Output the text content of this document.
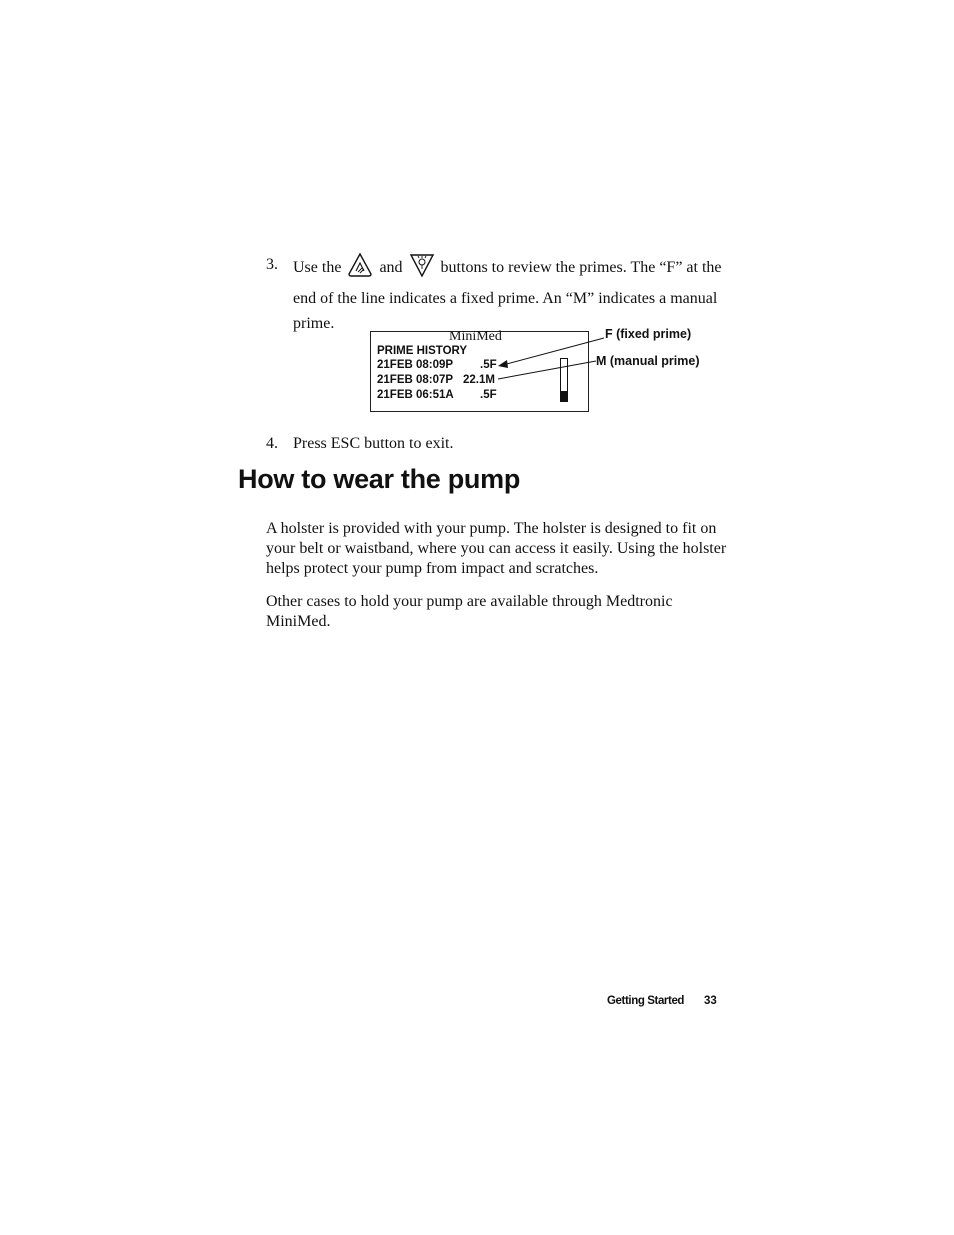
3. Use the and buttons to review the primes. The “F” at the end of the line indicates a fixed prime. An “M” indicates a manual prime.
MiniMed
PRIME HISTORY
21FEB 08:09P .5F
21FEB 08:07P 22.1M
21FEB 06:51A .5F
F (fixed prime)
M (manual prime)
4. Press ESC button to exit.
How to wear the pump

A holster is provided with your pump. The holster is designed to fit on your belt or waistband, where you can access it easily. Using the holster helps protect your pump from impact and scratches.

Other cases to hold your pump are available through Medtronic MiniMed.

Getting Started 33
